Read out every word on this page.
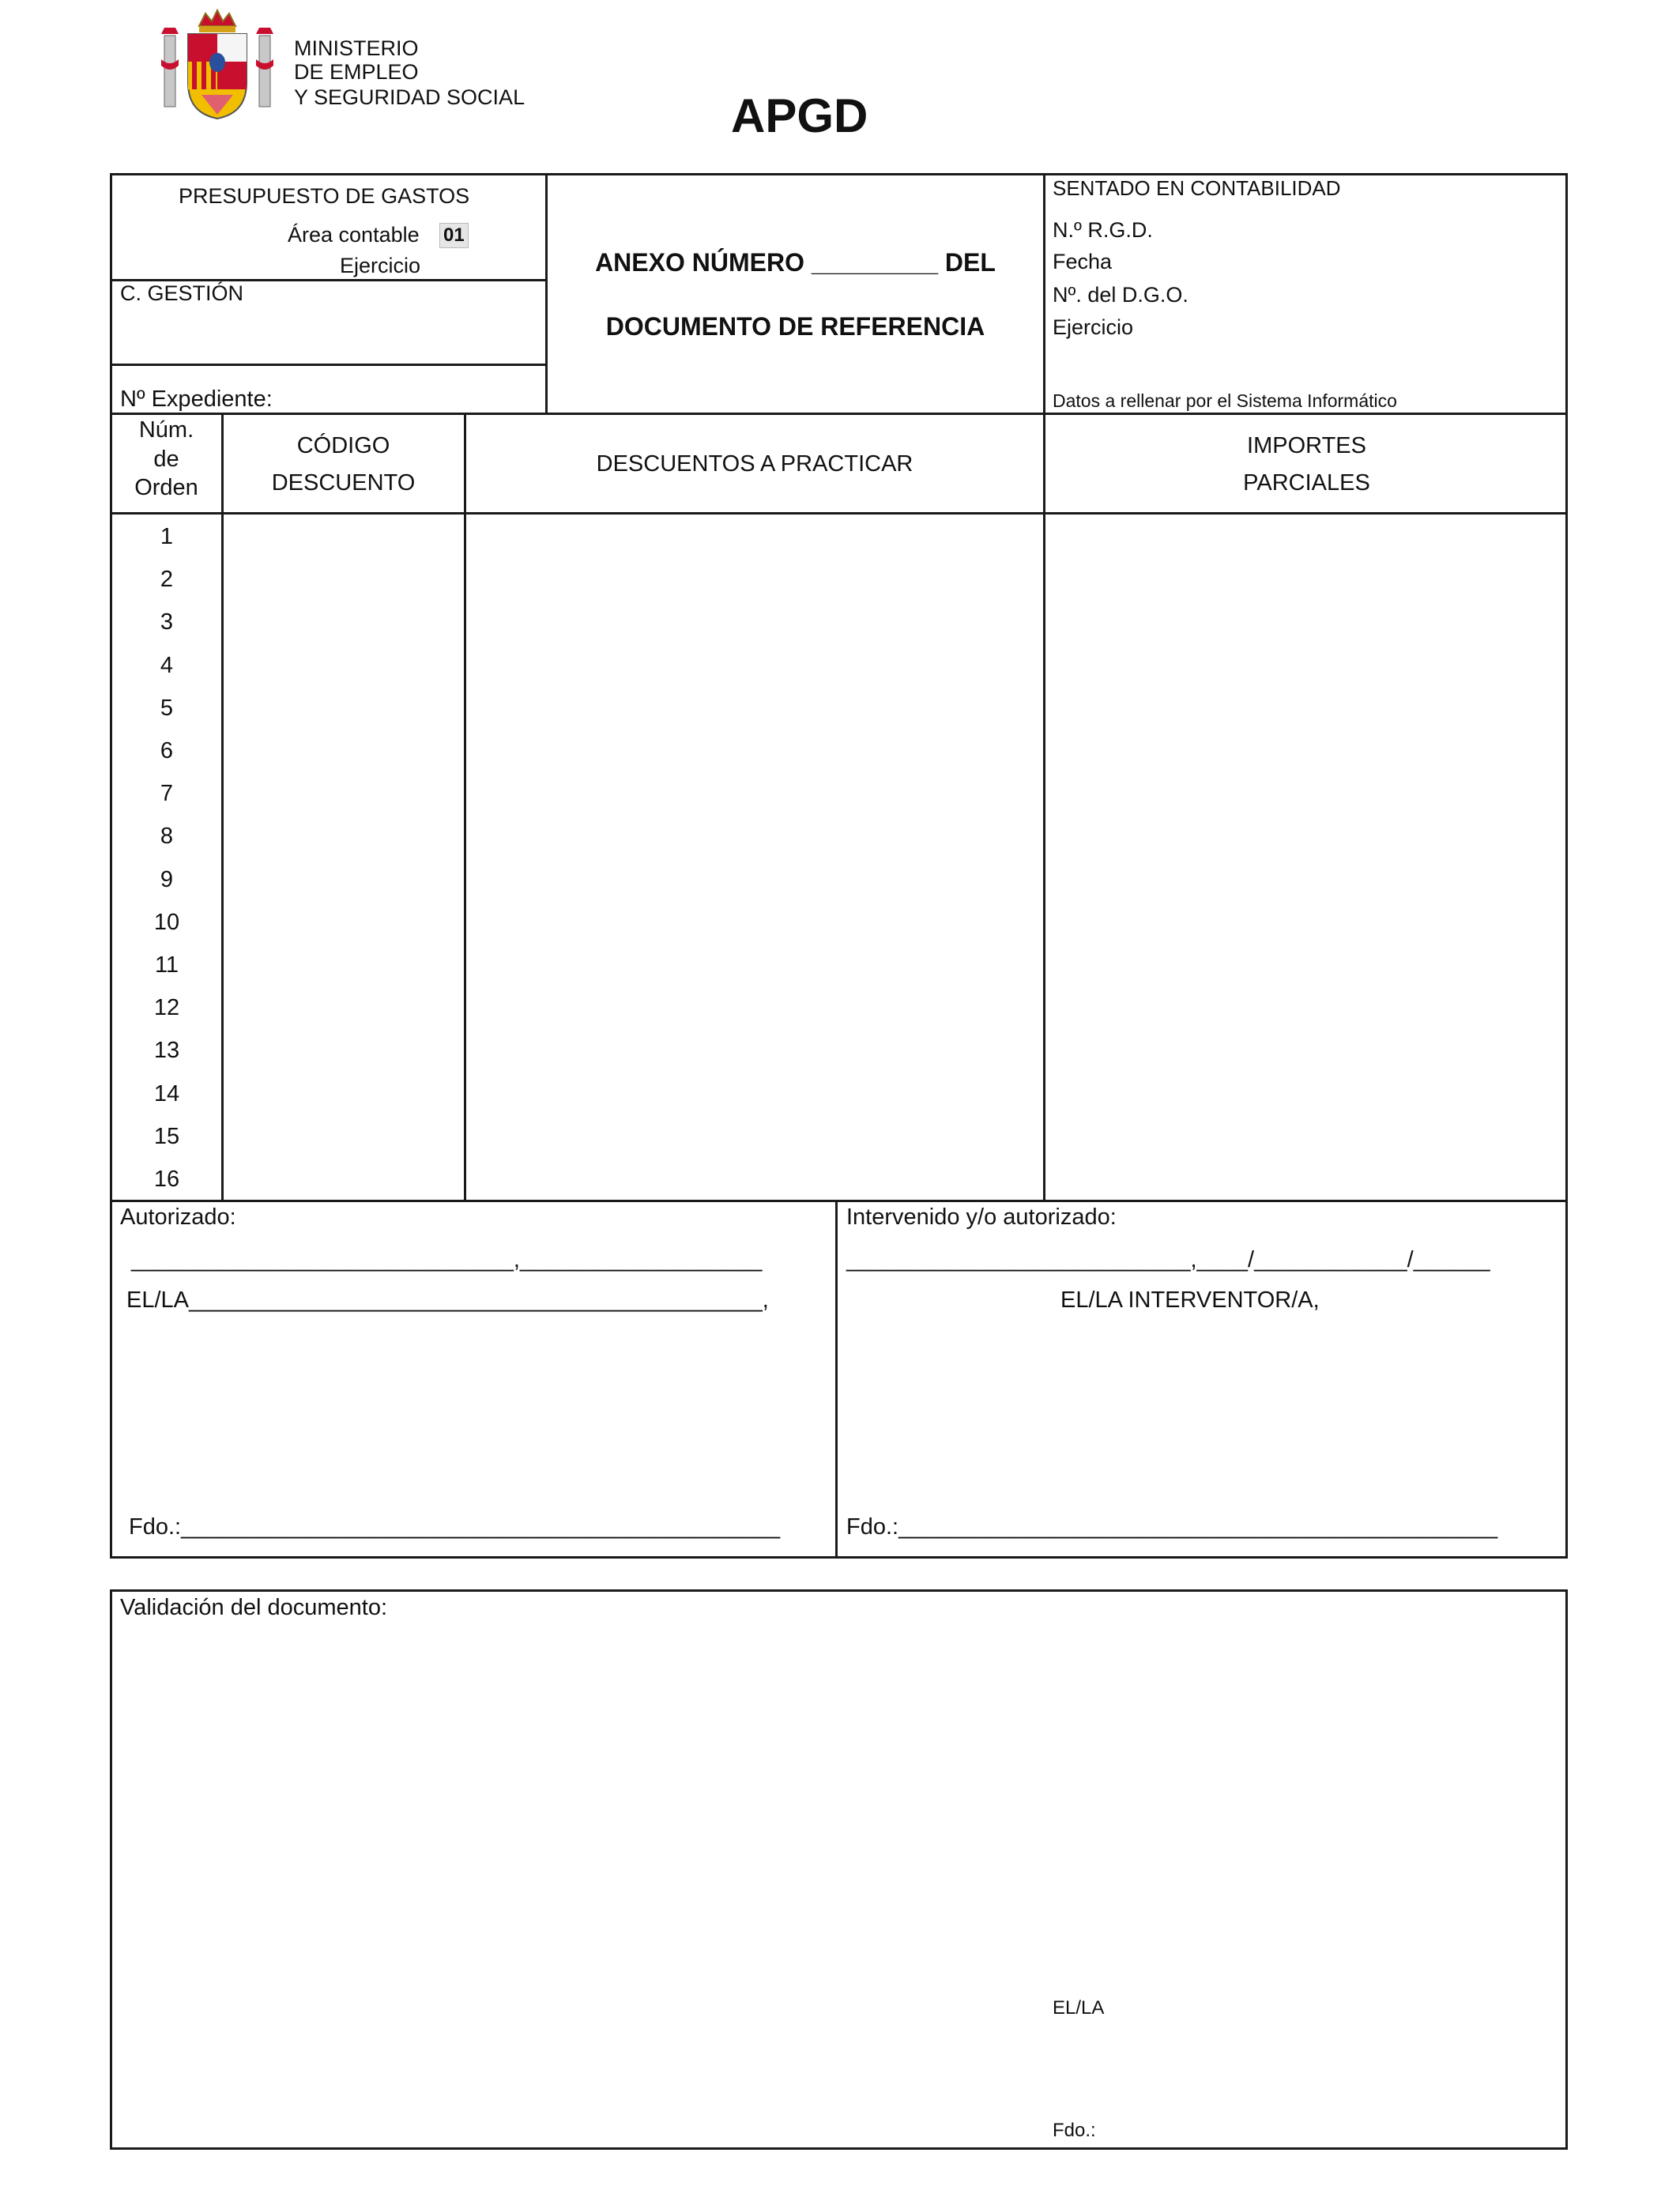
MINISTERIO
DE EMPLEO
Y SEGURIDAD SOCIAL	APGD
PRESUPUESTO DE GASTOS
Área contable 01
Ejercicio
C. GESTIÓN
Nº Expediente:
ANEXO NÚMERO _________ DEL
DOCUMENTO DE REFERENCIA
SENTADO EN CONTABILIDAD
N.º R.G.D.
Fecha
Nº. del D.G.O.
Ejercicio
Datos a rellenar por el Sistema Informático
Núm.
de
Orden
CÓDIGO
DESCUENTO
DESCUENTOS A PRACTICAR
IMPORTES
PARCIALES
1
2
3
4
5
6
7
8
9
10
11
12
13
14
15
16
Autorizado:
______________________________,___________________
EL/LA_____________________________________________,
Fdo.:_______________________________________________
Intervenido y/o autorizado:
___________________________,____/____________/______
EL/LA INTERVENTOR/A,
Fdo.:_______________________________________________
Validación del documento:
EL/LA
Fdo.:
